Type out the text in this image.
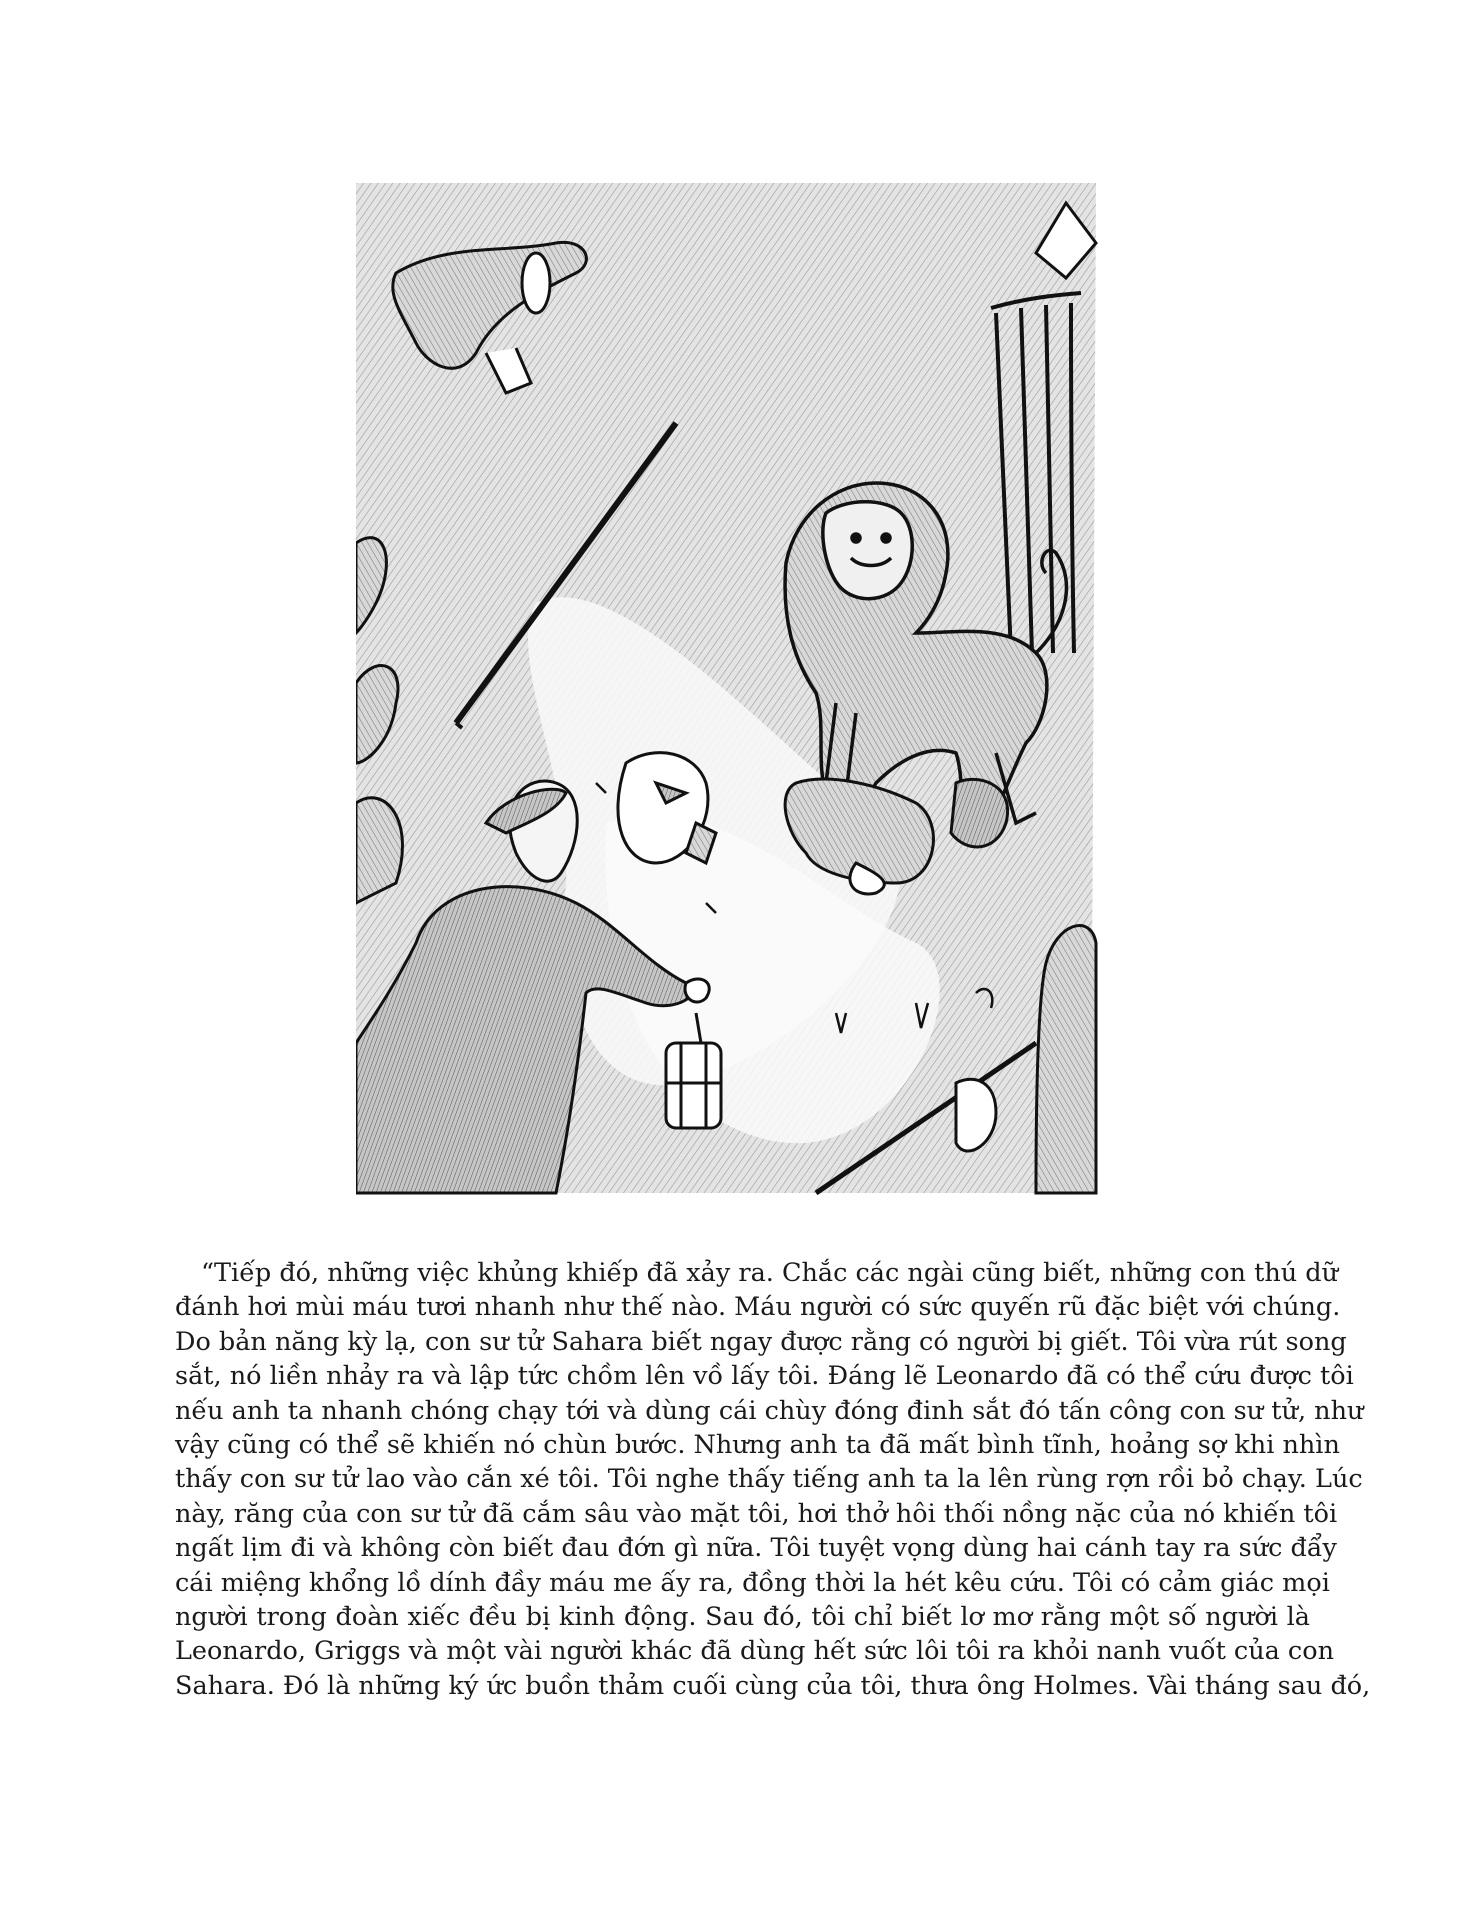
“Tiếp đó, những việc khủng khiếp đã xảy ra. Chắc các ngài cũng biết, những con thú dữ
đánh hơi mùi máu tươi nhanh như thế nào. Máu người có sức quyến rũ đặc biệt với chúng.
Do bản năng kỳ lạ, con sư tử Sahara biết ngay được rằng có người bị giết. Tôi vừa rút song
sắt, nó liền nhảy ra và lập tức chồm lên vồ lấy tôi. Đáng lẽ Leonardo đã có thể cứu được tôi
nếu anh ta nhanh chóng chạy tới và dùng cái chùy đóng đinh sắt đó tấn công con sư tử, như
vậy cũng có thể sẽ khiến nó chùn bước. Nhưng anh ta đã mất bình tĩnh, hoảng sợ khi nhìn
thấy con sư tử lao vào cắn xé tôi. Tôi nghe thấy tiếng anh ta la lên rùng rợn rồi bỏ chạy. Lúc
này, răng của con sư tử đã cắm sâu vào mặt tôi, hơi thở hôi thối nồng nặc của nó khiến tôi
ngất lịm đi và không còn biết đau đớn gì nữa. Tôi tuyệt vọng dùng hai cánh tay ra sức đẩy
cái miệng khổng lồ dính đầy máu me ấy ra, đồng thời la hét kêu cứu. Tôi có cảm giác mọi
người trong đoàn xiếc đều bị kinh động. Sau đó, tôi chỉ biết lơ mơ rằng một số người là
Leonardo, Griggs và một vài người khác đã dùng hết sức lôi tôi ra khỏi nanh vuốt của con
Sahara. Đó là những ký ức buồn thảm cuối cùng của tôi, thưa ông Holmes. Vài tháng sau đó,
